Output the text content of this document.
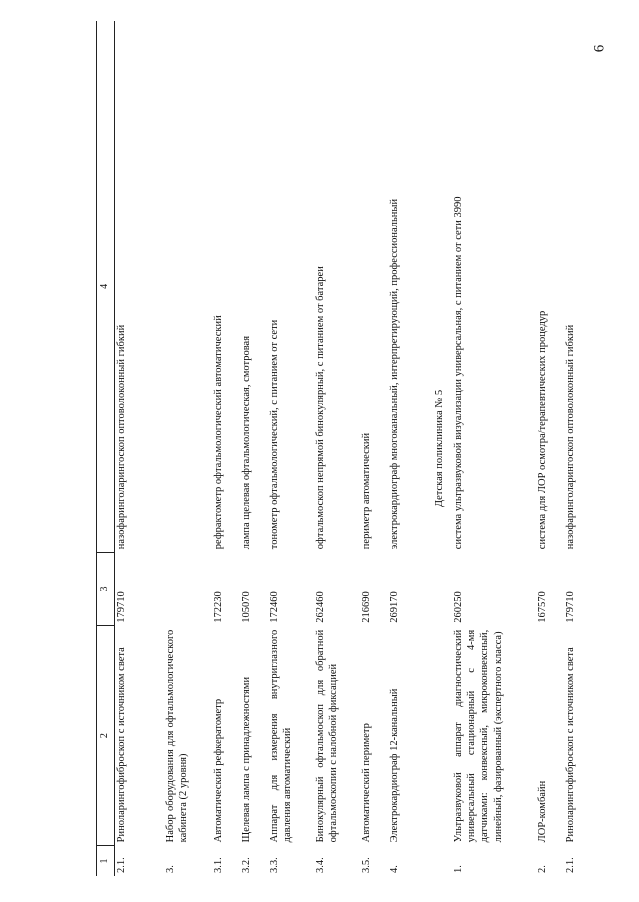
6
1	2	3	4
2.1.	Риноларингофиброскоп с источником света	179710	назофаринголарингоскоп оптоволоконный гибкий
3.	Набор оборудования для офтальмологического кабинета (2 уровня)		
3.1.	Автоматический рефкератометр	172230	рефрактометр офтальмологический автоматический
3.2.	Щелевая лампа с принадлежностями	105070	лампа щелевая офтальмологическая, смотровая
3.3.	Аппарат для измерения внутриглазного давления автоматический	172460	тонометр офтальмологический, с питанием от сети
3.4.	Бинокулярный офтальмоскоп для обратной офтальмоскопии с налобной фиксацией	262460	офтальмоскоп непрямой бинокулярный, с питанием от батареи
3.5.	Автоматический периметр	216690	периметр автоматический
4.	Электрокардиограф 12-канальный	269170	электрокардиограф многоканальный, интерпретирующий, профессиональный
Детская поликлиника № 5			
1.	Ультразвуковой аппарат диагностический универсальный стационарный с 4-мя датчиками: конвексный, микроконвексный, линейный, фазированный (экспертного класса)	260250	система ультразвуковой визуализации универсальная, с питанием от сети 3990
2.	ЛОР-комбайн	167570	система для ЛОР осмотра/терапевтических процедур
2.1.	Риноларингофиброскоп с источником света	179710	назофаринголарингоскоп оптоволоконный гибкий
